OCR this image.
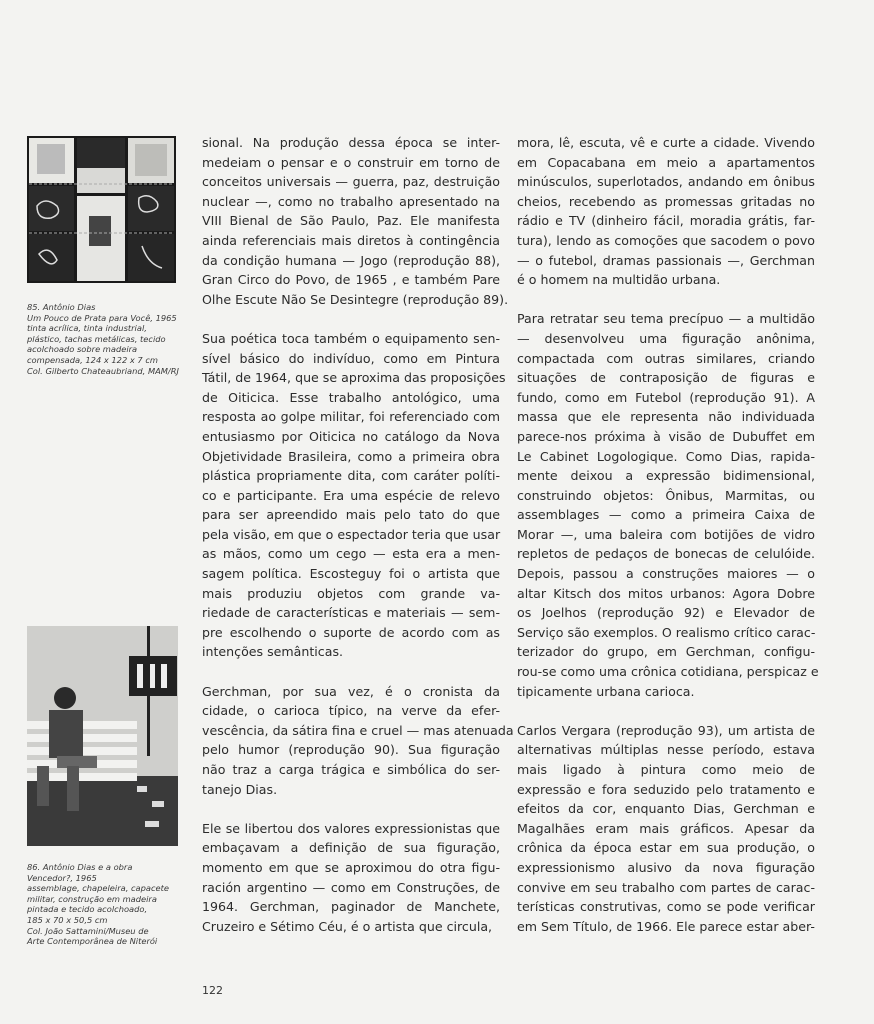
85. Antônio Dias
Um Pouco de Prata para Você, 1965
tinta acrílica, tinta industrial,
plástico, tachas metálicas, tecido
acolchoado sobre madeira
compensada, 124 x 122 x 7 cm
Col. Gilberto Chateaubriand, MAM/RJ
86. Antônio Dias e a obra
Vencedor?, 1965
assemblage, chapeleira, capacete
militar, construção em madeira
pintada e tecido acolchoado,
185 x 70 x 50,5 cm
Col. João Sattamini/Museu de
Arte Contemporânea de Niterói
sional. Na produção dessa época se inter-
medeiam o pensar e o construir em torno de
conceitos universais — guerra, paz, destruição
nuclear —, como no trabalho apresentado na
VIII Bienal de São Paulo, Paz. Ele manifesta
ainda referenciais mais diretos à contingência
da condição humana — Jogo (reprodução 88),
Gran Circo do Povo, de 1965 , e também Pare
Olhe Escute Não Se Desintegre (reprodução 89).
Sua poética toca também o equipamento sen-
sível básico do indivíduo, como em Pintura
Tátil, de 1964, que se aproxima das proposições
de Oiticica. Esse trabalho antológico, uma
resposta ao golpe militar, foi referenciado com
entusiasmo por Oiticica no catálogo da Nova
Objetividade Brasileira, como a primeira obra
plástica propriamente dita, com caráter políti-
co e participante. Era uma espécie de relevo
para ser apreendido mais pelo tato do que
pela visão, em que o espectador teria que usar
as mãos, como um cego — esta era a men-
sagem política. Escosteguy foi o artista que
mais produziu objetos com grande va-
riedade de características e materiais — sem-
pre escolhendo o suporte de acordo com as
intenções semânticas.
Gerchman, por sua vez, é o cronista da
cidade, o carioca típico, na verve da efer-
vescência, da sátira fina e cruel — mas atenuada
pelo humor (reprodução 90). Sua figuração
não traz a carga trágica e simbólica do ser-
tanejo Dias.
Ele se libertou dos valores expressionistas que
embaçavam a definição de sua figuração,
momento em que se aproximou do otra figu-
ración argentino — como em Construções, de
1964. Gerchman, paginador de Manchete,
Cruzeiro e Sétimo Céu, é o artista que circula,
mora, lê, escuta, vê e curte a cidade. Vivendo
em Copacabana em meio a apartamentos
minúsculos, superlotados, andando em ônibus
cheios, recebendo as promessas gritadas no
rádio e TV (dinheiro fácil, moradia grátis, far-
tura), lendo as comoções que sacodem o povo
— o futebol, dramas passionais —, Gerchman
é o homem na multidão urbana.
Para retratar seu tema precípuo — a multidão
— desenvolveu uma figuração anônima,
compactada com outras similares, criando
situações de contraposição de figuras e
fundo, como em Futebol (reprodução 91). A
massa que ele representa não individuada
parece-nos próxima à visão de Dubuffet em
Le Cabinet Logologique. Como Dias, rapida-
mente deixou a expressão bidimensional,
construindo objetos: Ônibus, Marmitas, ou
assemblages — como a primeira Caixa de
Morar —, uma baleira com botijões de vidro
repletos de pedaços de bonecas de celulóide.
Depois, passou a construções maiores — o
altar Kitsch dos mitos urbanos: Agora Dobre
os Joelhos (reprodução 92) e Elevador de
Serviço são exemplos. O realismo crítico carac-
terizador do grupo, em Gerchman, configu-
rou-se como uma crônica cotidiana, perspicaz e
tipicamente urbana carioca.
Carlos Vergara (reprodução 93), um artista de
alternativas múltiplas nesse período, estava
mais ligado à pintura como meio de
expressão e fora seduzido pelo tratamento e
efeitos da cor, enquanto Dias, Gerchman e
Magalhães eram mais gráficos. Apesar da
crônica da época estar em sua produção, o
expressionismo alusivo da nova figuração
convive em seu trabalho com partes de carac-
terísticas construtivas, como se pode verificar
em Sem Título, de 1966. Ele parece estar aber-
122
